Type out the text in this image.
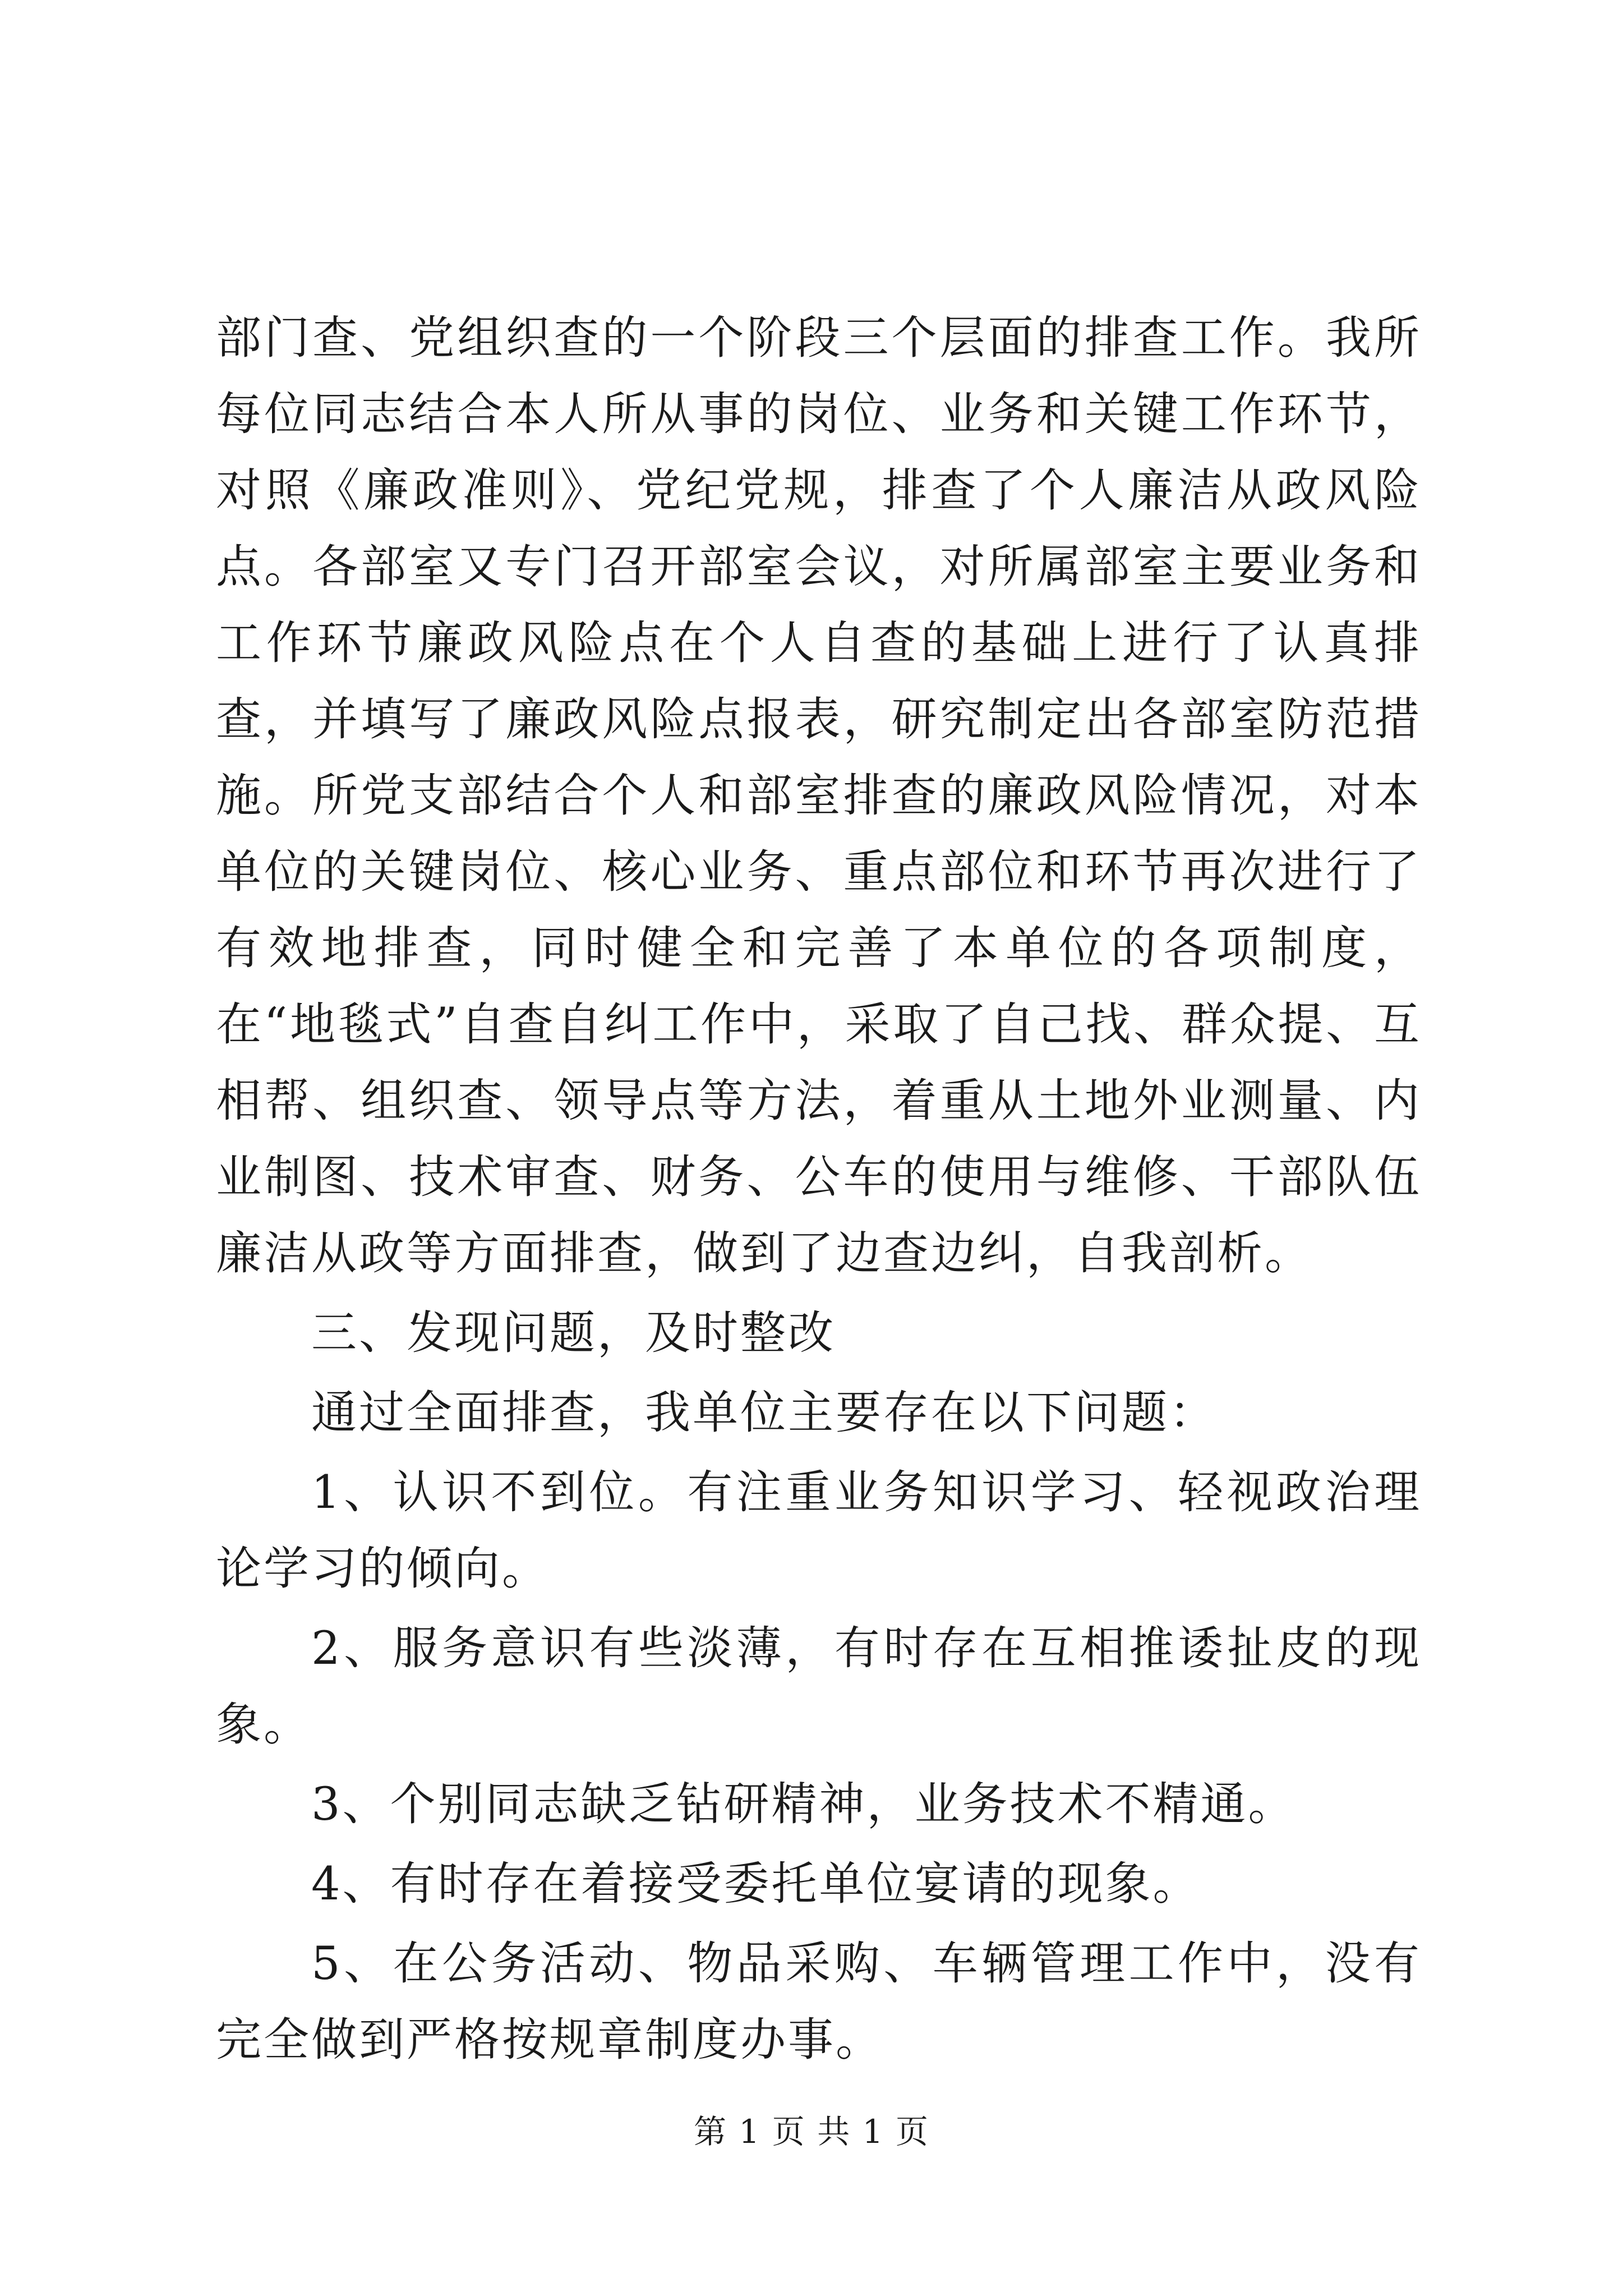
部门查、党组织查的一个阶段三个层面的排查工作。我所每位同志结合本人所从事的岗位、业务和关键工作环节，对照《廉政准则》、党纪党规，排查了个人廉洁从政风险点。各部室又专门召开部室会议，对所属部室主要业务和工作环节廉政风险点在个人自查的基础上进行了认真排查，并填写了廉政风险点报表，研究制定出各部室防范措施。所党支部结合个人和部室排查的廉政风险情况，对本单位的关键岗位、核心业务、重点部位和环节再次进行了有效地排查，同时健全和完善了本单位的各项制度，在“地毯式”自查自纠工作中，采取了自己找、群众提、互相帮、组织查、领导点等方法，着重从土地外业测量、内业制图、技术审查、财务、公车的使用与维修、干部队伍廉洁从政等方面排查，做到了边查边纠，自我剖析。

三、发现问题，及时整改

通过全面排查，我单位主要存在以下问题：

1、认识不到位。有注重业务知识学习、轻视政治理论学习的倾向。

2、服务意识有些淡薄，有时存在互相推诿扯皮的现象。

3、个别同志缺乏钻研精神，业务技术不精通。

4、有时存在着接受委托单位宴请的现象。

5、在公务活动、物品采购、车辆管理工作中，没有完全做到严格按规章制度办事。

第 1 页 共 1 页
